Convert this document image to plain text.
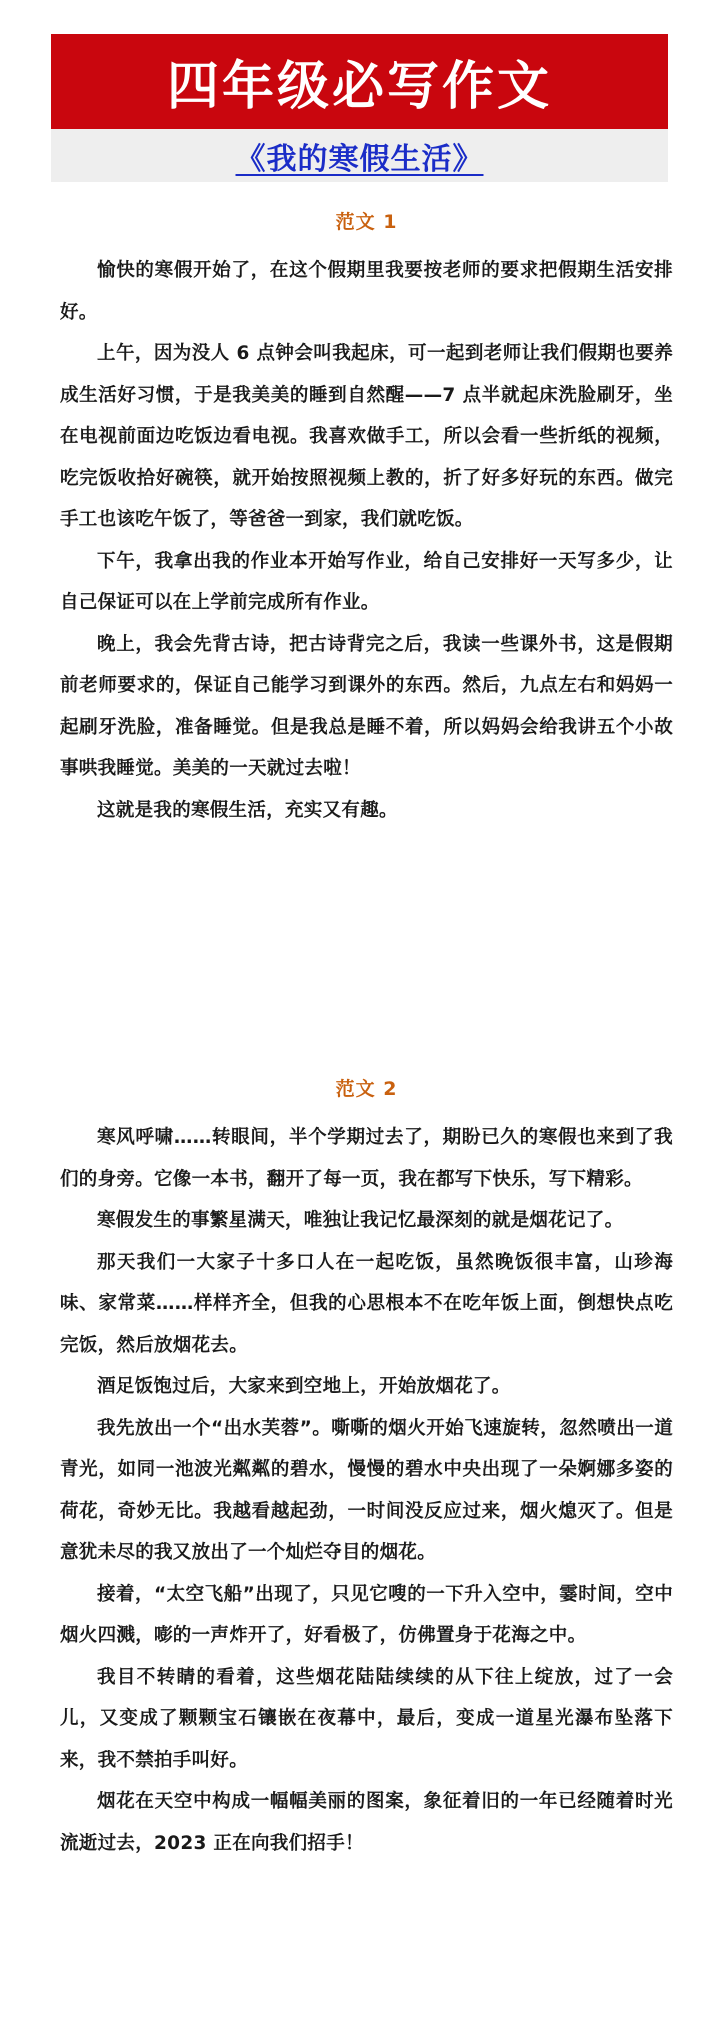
四年级必写作文
《我的寒假生活》
范文 1

愉快的寒假开始了，在这个假期里我要按老师的要求把假期生活安排好。

上午，因为没人 6 点钟会叫我起床，可一起到老师让我们假期也要养成生活好习惯，于是我美美的睡到自然醒——7 点半就起床洗脸刷牙，坐在电视前面边吃饭边看电视。我喜欢做手工，所以会看一些折纸的视频，吃完饭收拾好碗筷，就开始按照视频上教的，折了好多好玩的东西。做完手工也该吃午饭了，等爸爸一到家，我们就吃饭。

下午，我拿出我的作业本开始写作业，给自己安排好一天写多少，让自己保证可以在上学前完成所有作业。

晚上，我会先背古诗，把古诗背完之后，我读一些课外书，这是假期前老师要求的，保证自己能学习到课外的东西。然后，九点左右和妈妈一起刷牙洗脸，准备睡觉。但是我总是睡不着，所以妈妈会给我讲五个小故事哄我睡觉。美美的一天就过去啦！

这就是我的寒假生活，充实又有趣。

范文 2

寒风呼啸……转眼间，半个学期过去了，期盼已久的寒假也来到了我们的身旁。它像一本书，翻开了每一页，我在都写下快乐，写下精彩。

寒假发生的事繁星满天，唯独让我记忆最深刻的就是烟花记了。

那天我们一大家子十多口人在一起吃饭，虽然晚饭很丰富，山珍海味、家常菜……样样齐全，但我的心思根本不在吃年饭上面，倒想快点吃完饭，然后放烟花去。

酒足饭饱过后，大家来到空地上，开始放烟花了。

我先放出一个“出水芙蓉”。嘶嘶的烟火开始飞速旋转，忽然喷出一道青光，如同一池波光粼粼的碧水，慢慢的碧水中央出现了一朵婀娜多姿的荷花，奇妙无比。我越看越起劲，一时间没反应过来，烟火熄灭了。但是意犹未尽的我又放出了一个灿烂夺目的烟花。

接着，“太空飞船”出现了，只见它嗖的一下升入空中，霎时间，空中烟火四溅，嘭的一声炸开了，好看极了，仿佛置身于花海之中。

我目不转睛的看着，这些烟花陆陆续续的从下往上绽放，过了一会儿，又变成了颗颗宝石镶嵌在夜幕中，最后，变成一道星光瀑布坠落下来，我不禁拍手叫好。

烟花在天空中构成一幅幅美丽的图案，象征着旧的一年已经随着时光流逝过去，2023 正在向我们招手！
